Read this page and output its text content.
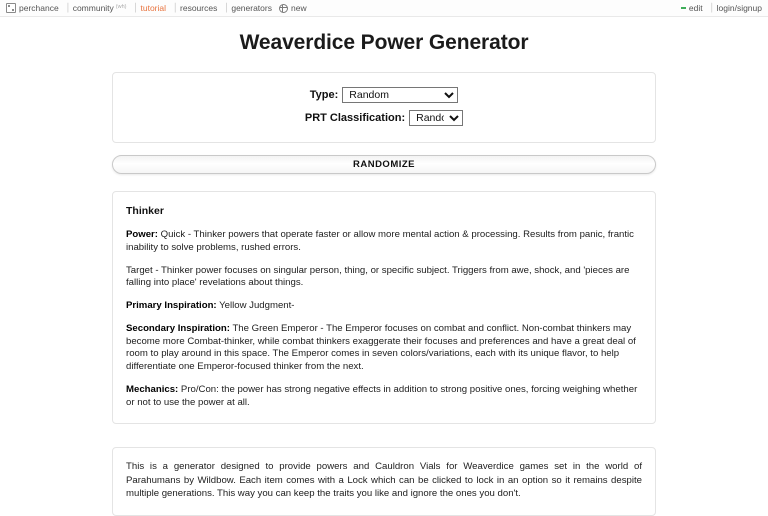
perchance │ community (wh) │ tutorial │ resources │ generators new	edit │ login/signup
Weaverdice Power Generator
Type:
Random
PRT Classification:
Random
RANDOMIZE
Thinker

Power: Quick - Thinker powers that operate faster or allow more mental action & processing. Results from panic, frantic inability to solve problems, rushed errors.

Target - Thinker power focuses on singular person, thing, or specific subject. Triggers from awe, shock, and 'pieces are falling into place' revelations about things.

Primary Inspiration: Yellow Judgment-

Secondary Inspiration: The Green Emperor - The Emperor focuses on combat and conflict. Non-combat thinkers may become more Combat-thinker, while combat thinkers exaggerate their focuses and preferences and have a great deal of room to play around in this space. The Emperor comes in seven colors/variations, each with its unique flavor, to help differentiate one Emperor-focused thinker from the next.

Mechanics: Pro/Con: the power has strong negative effects in addition to strong positive ones, forcing weighing whether or not to use the power at all.

This is a generator designed to provide powers and Cauldron Vials for Weaverdice games set in the world of Parahumans by Wildbow. Each item comes with a Lock which can be clicked to lock in an option so it remains despite multiple generations. This way you can keep the traits you like and ignore the ones you don't.
